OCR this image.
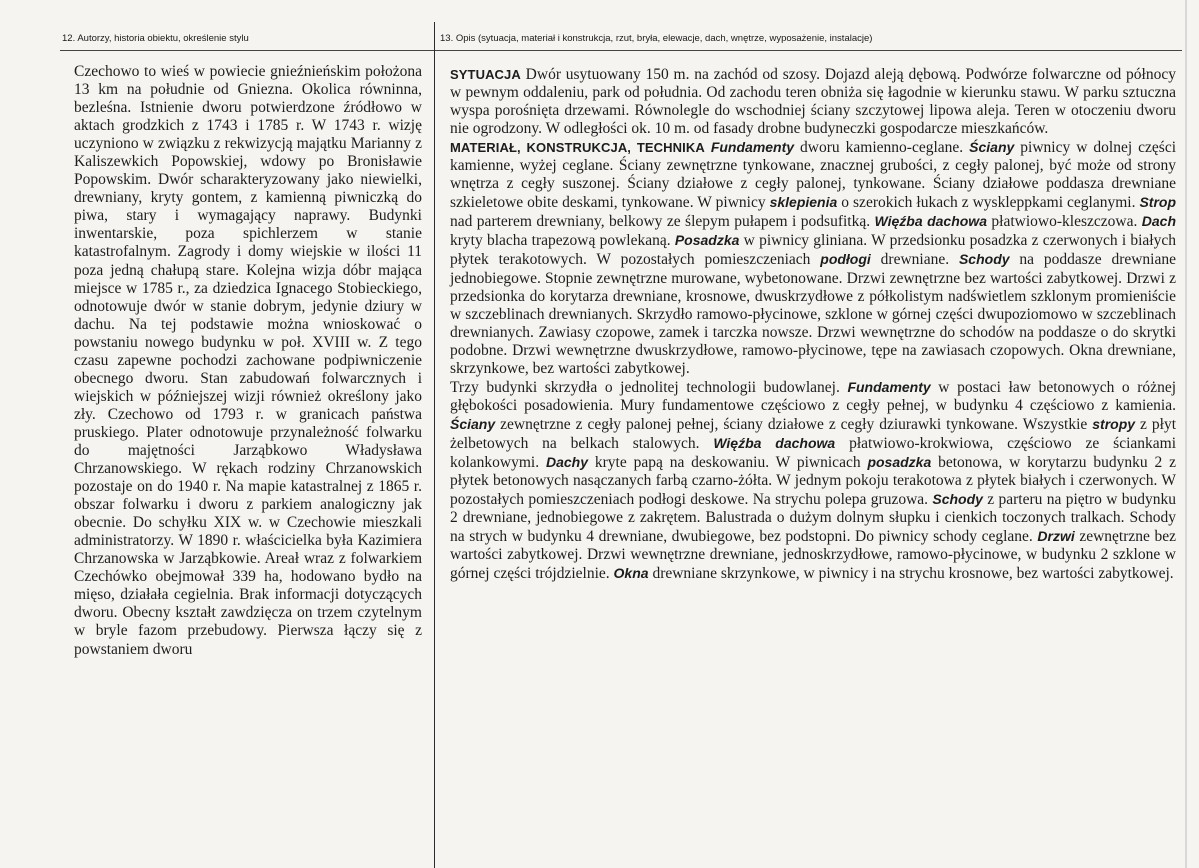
12. Autorzy, historia obiektu, określenie stylu	13. Opis (sytuacja, materiał i konstrukcja, rzut, bryła, elewacje, dach, wnętrze, wyposażenie, instalacje)

Czechowo to wieś w powiecie gnieźnieńskim położona 13 km na południe od Gniezna. Okolica równinna, bezleśna. Istnienie dworu potwierdzone źródłowo w aktach grodzkich z 1743 i 1785 r. W 1743 r. wizję uczyniono w związku z rekwizycją majątku Marianny z Kaliszewkich Popowskiej, wdowy po Bronisławie Popowskim. Dwór scharakteryzowany jako niewielki, drewniany, kryty gontem, z kamienną piwniczką do piwa, stary i wymagający naprawy. Budynki inwentarskie, poza spichlerzem w stanie katastrofalnym. Zagrody i domy wiejskie w ilości 11 poza jedną chałupą stare. Kolejna wizja dóbr mająca miejsce w 1785 r., za dziedzica Ignacego Stobieckiego, odnotowuje dwór w stanie dobrym, jedynie dziury w dachu. Na tej podstawie można wnioskować o powstaniu nowego budynku w poł. XVIII w. Z tego czasu zapewne pochodzi zachowane podpiwniczenie obecnego dworu. Stan zabudowań folwarcznych i wiejskich w późniejszej wizji również określony jako zły. Czechowo od 1793 r. w granicach państwa pruskiego. Plater odnotowuje przynależność folwarku do majętności Jarząbkowo Władysława Chrzanowskiego. W rękach rodziny Chrzanowskich pozostaje on do 1940 r. Na mapie katastralnej z 1865 r. obszar folwarku i dworu z parkiem analogiczny jak obecnie. Do schyłku XIX w. w Czechowie mieszkali administratorzy. W 1890 r. właścicielka była Kazimiera Chrzanowska w Jarząbkowie. Areał wraz z folwarkiem Czechówko obejmował 339 ha, hodowano bydło na mięso, działała cegielnia. Brak informacji dotyczących dworu. Obecny kształt zawdzięcza on trzem czytelnym w bryle fazom przebudowy. Pierwsza łączy się z powstaniem dworu

SYTUACJA Dwór usytuowany 150 m. na zachód od szosy. Dojazd aleją dębową. Podwórze folwarczne od północy w pewnym oddaleniu, park od południa. Od zachodu teren obniża się łagodnie w kierunku stawu. W parku sztuczna wyspa porośnięta drzewami. Równolegle do wschodniej ściany szczytowej lipowa aleja. Teren w otoczeniu dworu nie ogrodzony. W odległości ok. 10 m. od fasady drobne budyneczki gospodarcze mieszkańców.

MATERIAŁ, KONSTRUKCJA, TECHNIKA Fundamenty dworu kamienno-ceglane. Ściany piwnicy w dolnej części kamienne, wyżej ceglane. Ściany zewnętrzne tynkowane, znacznej grubości, z cegły palonej, być może od strony wnętrza z cegły suszonej. Ściany działowe z cegły palonej, tynkowane. Ściany działowe poddasza drewniane szkieletowe obite deskami, tynkowane. W piwnicy sklepienia o szerokich łukach z wyskleppkami ceglanymi. Strop nad parterem drewniany, belkowy ze ślepym pułapem i podsufitką. Więźba dachowa płatwiowo-kleszczowa. Dach kryty blacha trapezową powlekaną. Posadzka w piwnicy gliniana. W przedsionku posadzka z czerwonych i białych płytek terakotowych. W pozostałych pomieszczeniach podłogi drewniane. Schody na poddasze drewniane jednobiegowe. Stopnie zewnętrzne murowane, wybetonowane. Drzwi zewnętrzne bez wartości zabytkowej. Drzwi z przedsionka do korytarza drewniane, krosnowe, dwuskrzydłowe z półkolistym nadświetlem szklonym promieniście w szczeblinach drewnianych. Skrzydło ramowo-płycinowe, szklone w górnej części dwupoziomowo w szczeblinach drewnianych. Zawiasy czopowe, zamek i tarczka nowsze. Drzwi wewnętrzne do schodów na poddasze o do skrytki podobne. Drzwi wewnętrzne dwuskrzydłowe, ramowo-płycinowe, tępe na zawiasach czopowych. Okna drewniane, skrzynkowe, bez wartości zabytkowej.

Trzy budynki skrzydła o jednolitej technologii budowlanej. Fundamenty w postaci ław betonowych o różnej głębokości posadowienia. Mury fundamentowe częściowo z cegły pełnej, w budynku 4 częściowo z kamienia. Ściany zewnętrzne z cegły palonej pełnej, ściany działowe z cegły dziurawki tynkowane. Wszystkie stropy z płyt żelbetowych na belkach stalowych. Więźba dachowa płatwiowo-krokwiowa, częściowo ze ściankami kolankowymi. Dachy kryte papą na deskowaniu. W piwnicach posadzka betonowa, w korytarzu budynku 2 z płytek betonowych nasączanych farbą czarno-żółta. W jednym pokoju terakotowa z płytek białych i czerwonych. W pozostałych pomieszczeniach podłogi deskowe. Na strychu polepa gruzowa. Schody z parteru na piętro w budynku 2 drewniane, jednobiegowe z zakrętem. Balustrada o dużym dolnym słupku i cienkich toczonych tralkach. Schody na strych w budynku 4 drewniane, dwubiegowe, bez podstopni. Do piwnicy schody ceglane. Drzwi zewnętrzne bez wartości zabytkowej. Drzwi wewnętrzne drewniane, jednoskrzydłowe, ramowo-płycinowe, w budynku 2 szklone w górnej części trójdzielnie. Okna drewniane skrzynkowe, w piwnicy i na strychu krosnowe, bez wartości zabytkowej.
